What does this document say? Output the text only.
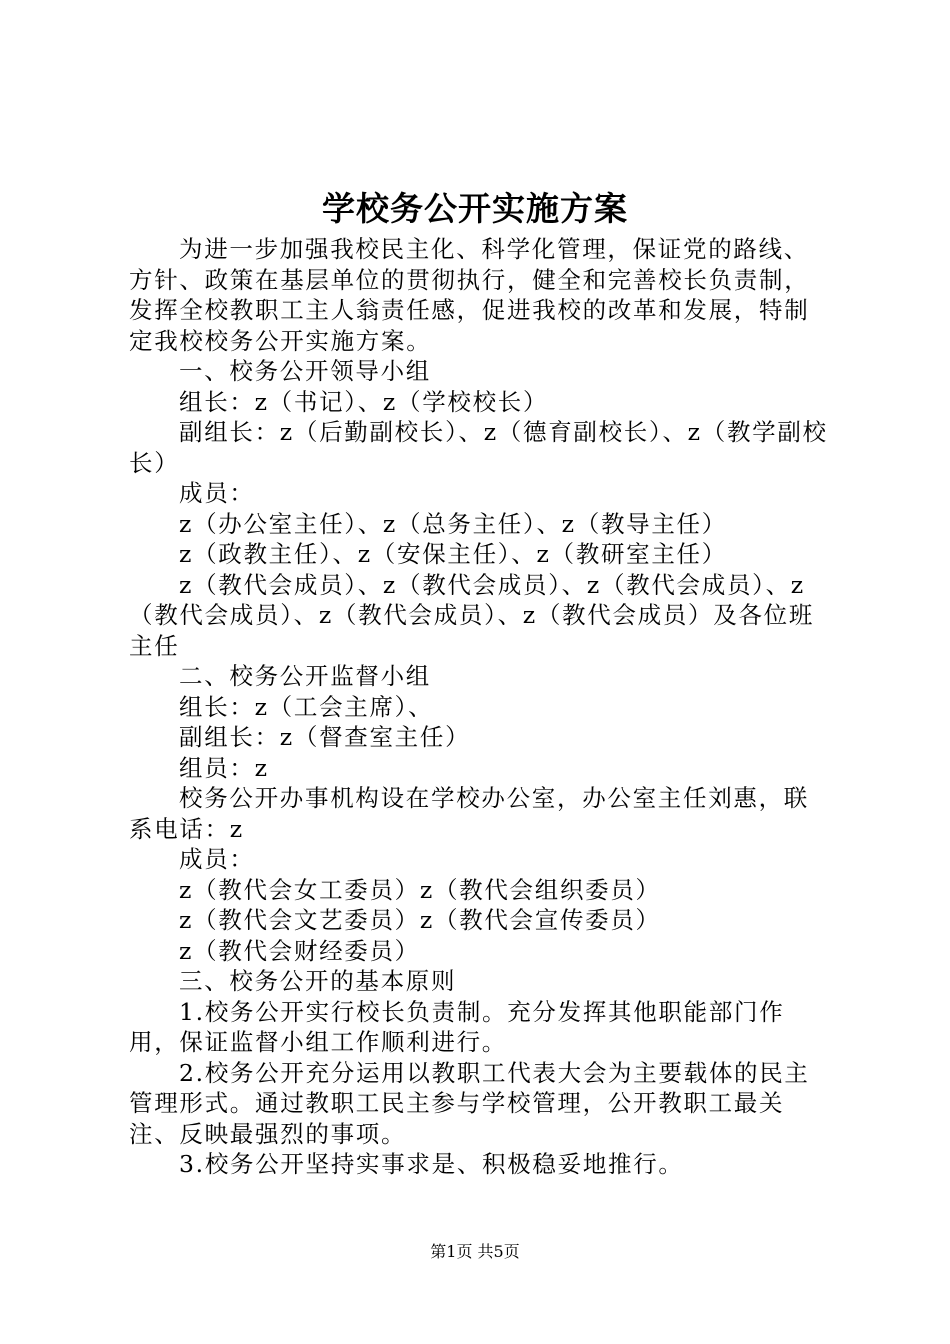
学校务公开实施方案

为进一步加强我校民主化、科学化管理，保证党的路线、方针、政策在基层单位的贯彻执行，健全和完善校长负责制，发挥全校教职工主人翁责任感，促进我校的改革和发展，特制定我校校务公开实施方案。

一、校务公开领导小组

组长：z（书记）、z（学校校长）

副组长：z（后勤副校长）、z（德育副校长）、z（教学副校长）

成员：

z（办公室主任）、z（总务主任）、z（教导主任）

z（政教主任）、z（安保主任）、z（教研室主任）

z（教代会成员）、z（教代会成员）、z（教代会成员）、z（教代会成员）、z（教代会成员）、z（教代会成员）及各位班主任

二、校务公开监督小组

组长：z（工会主席）、

副组长：z（督查室主任）

组员：z

校务公开办事机构设在学校办公室，办公室主任刘惠，联系电话：z

成员：

z（教代会女工委员）z（教代会组织委员）

z（教代会文艺委员）z（教代会宣传委员）

z（教代会财经委员）

三、校务公开的基本原则

1.校务公开实行校长负责制。充分发挥其他职能部门作用，保证监督小组工作顺利进行。

2.校务公开充分运用以教职工代表大会为主要载体的民主管理形式。通过教职工民主参与学校管理，公开教职工最关注、反映最强烈的事项。

3.校务公开坚持实事求是、积极稳妥地推行。

第1页 共5页
